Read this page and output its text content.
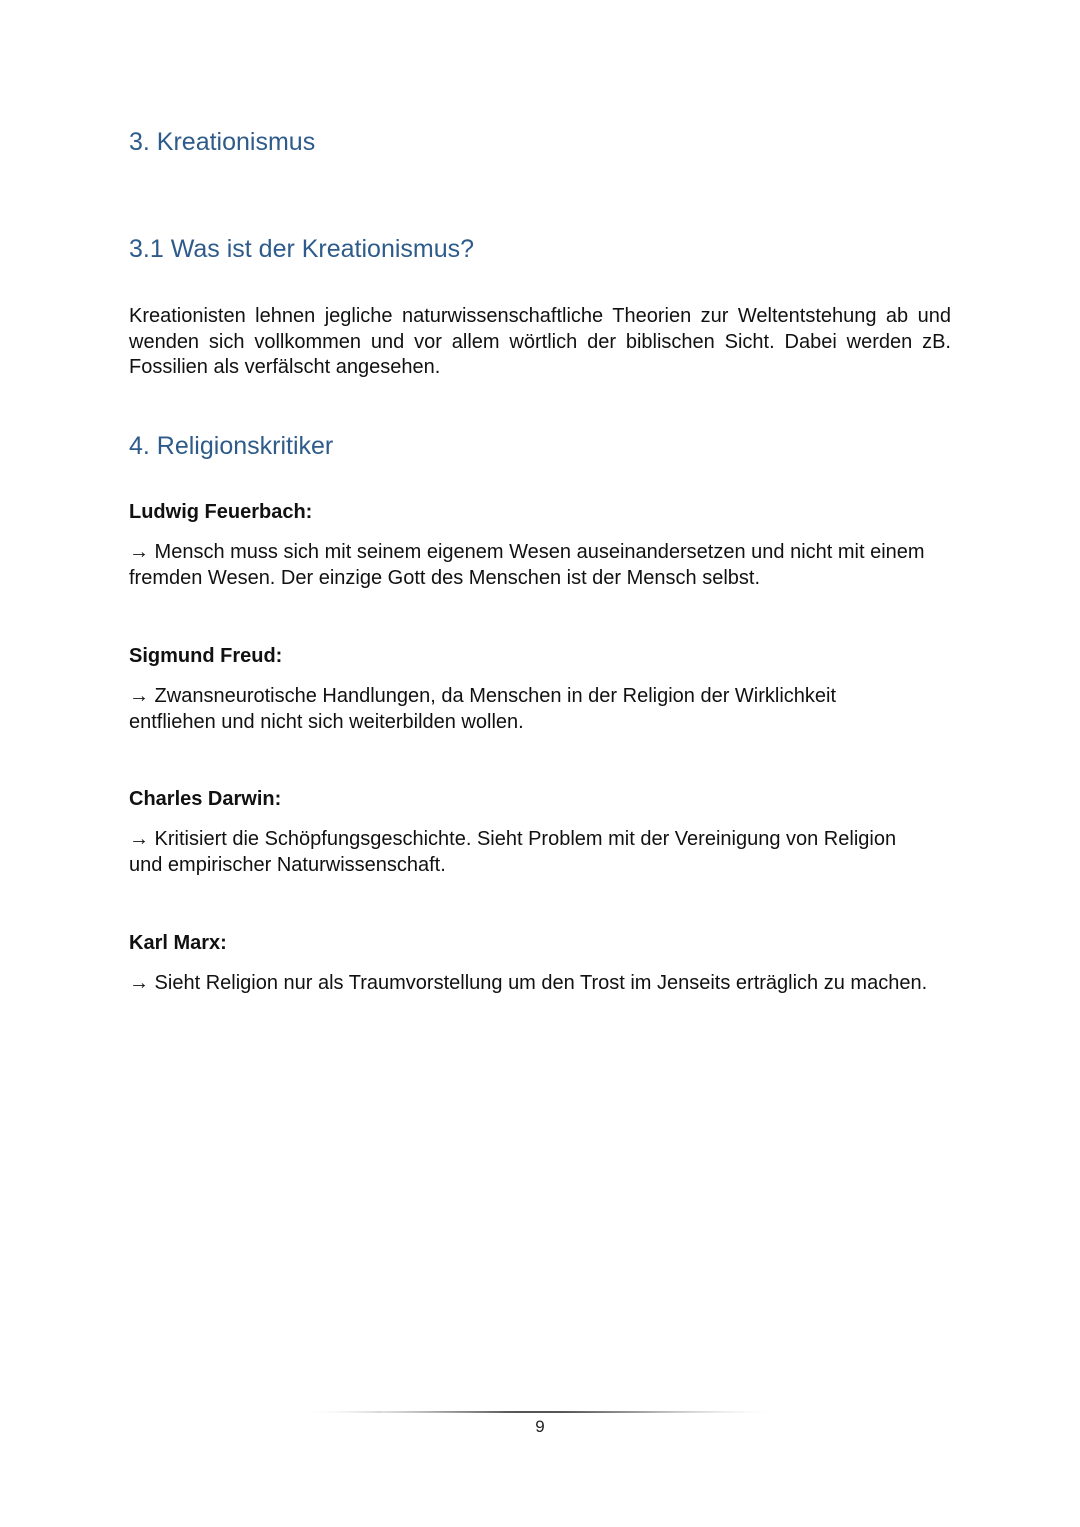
3. Kreationismus
3.1 Was ist der Kreationismus?

Kreationisten lehnen jegliche naturwissenschaftliche Theorien zur Weltentstehung ab und wenden sich vollkommen und vor allem wörtlich der biblischen Sicht. Dabei werden zB. Fossilien als verfälscht angesehen.

4. Religionskritiker

Ludwig Feuerbach:

→ Mensch muss sich mit seinem eigenem Wesen auseinandersetzen und nicht mit einem fremden Wesen. Der einzige Gott des Menschen ist der Mensch selbst.

Sigmund Freud:

→ Zwansneurotische Handlungen, da Menschen in der Religion der Wirklichkeit entfliehen und nicht sich weiterbilden wollen.

Charles Darwin:

→ Kritisiert die Schöpfungsgeschichte. Sieht Problem mit der Vereinigung von Religion und empirischer Naturwissenschaft.

Karl Marx:

→ Sieht Religion nur als Traumvorstellung um den Trost im Jenseits erträglich zu machen.

9
